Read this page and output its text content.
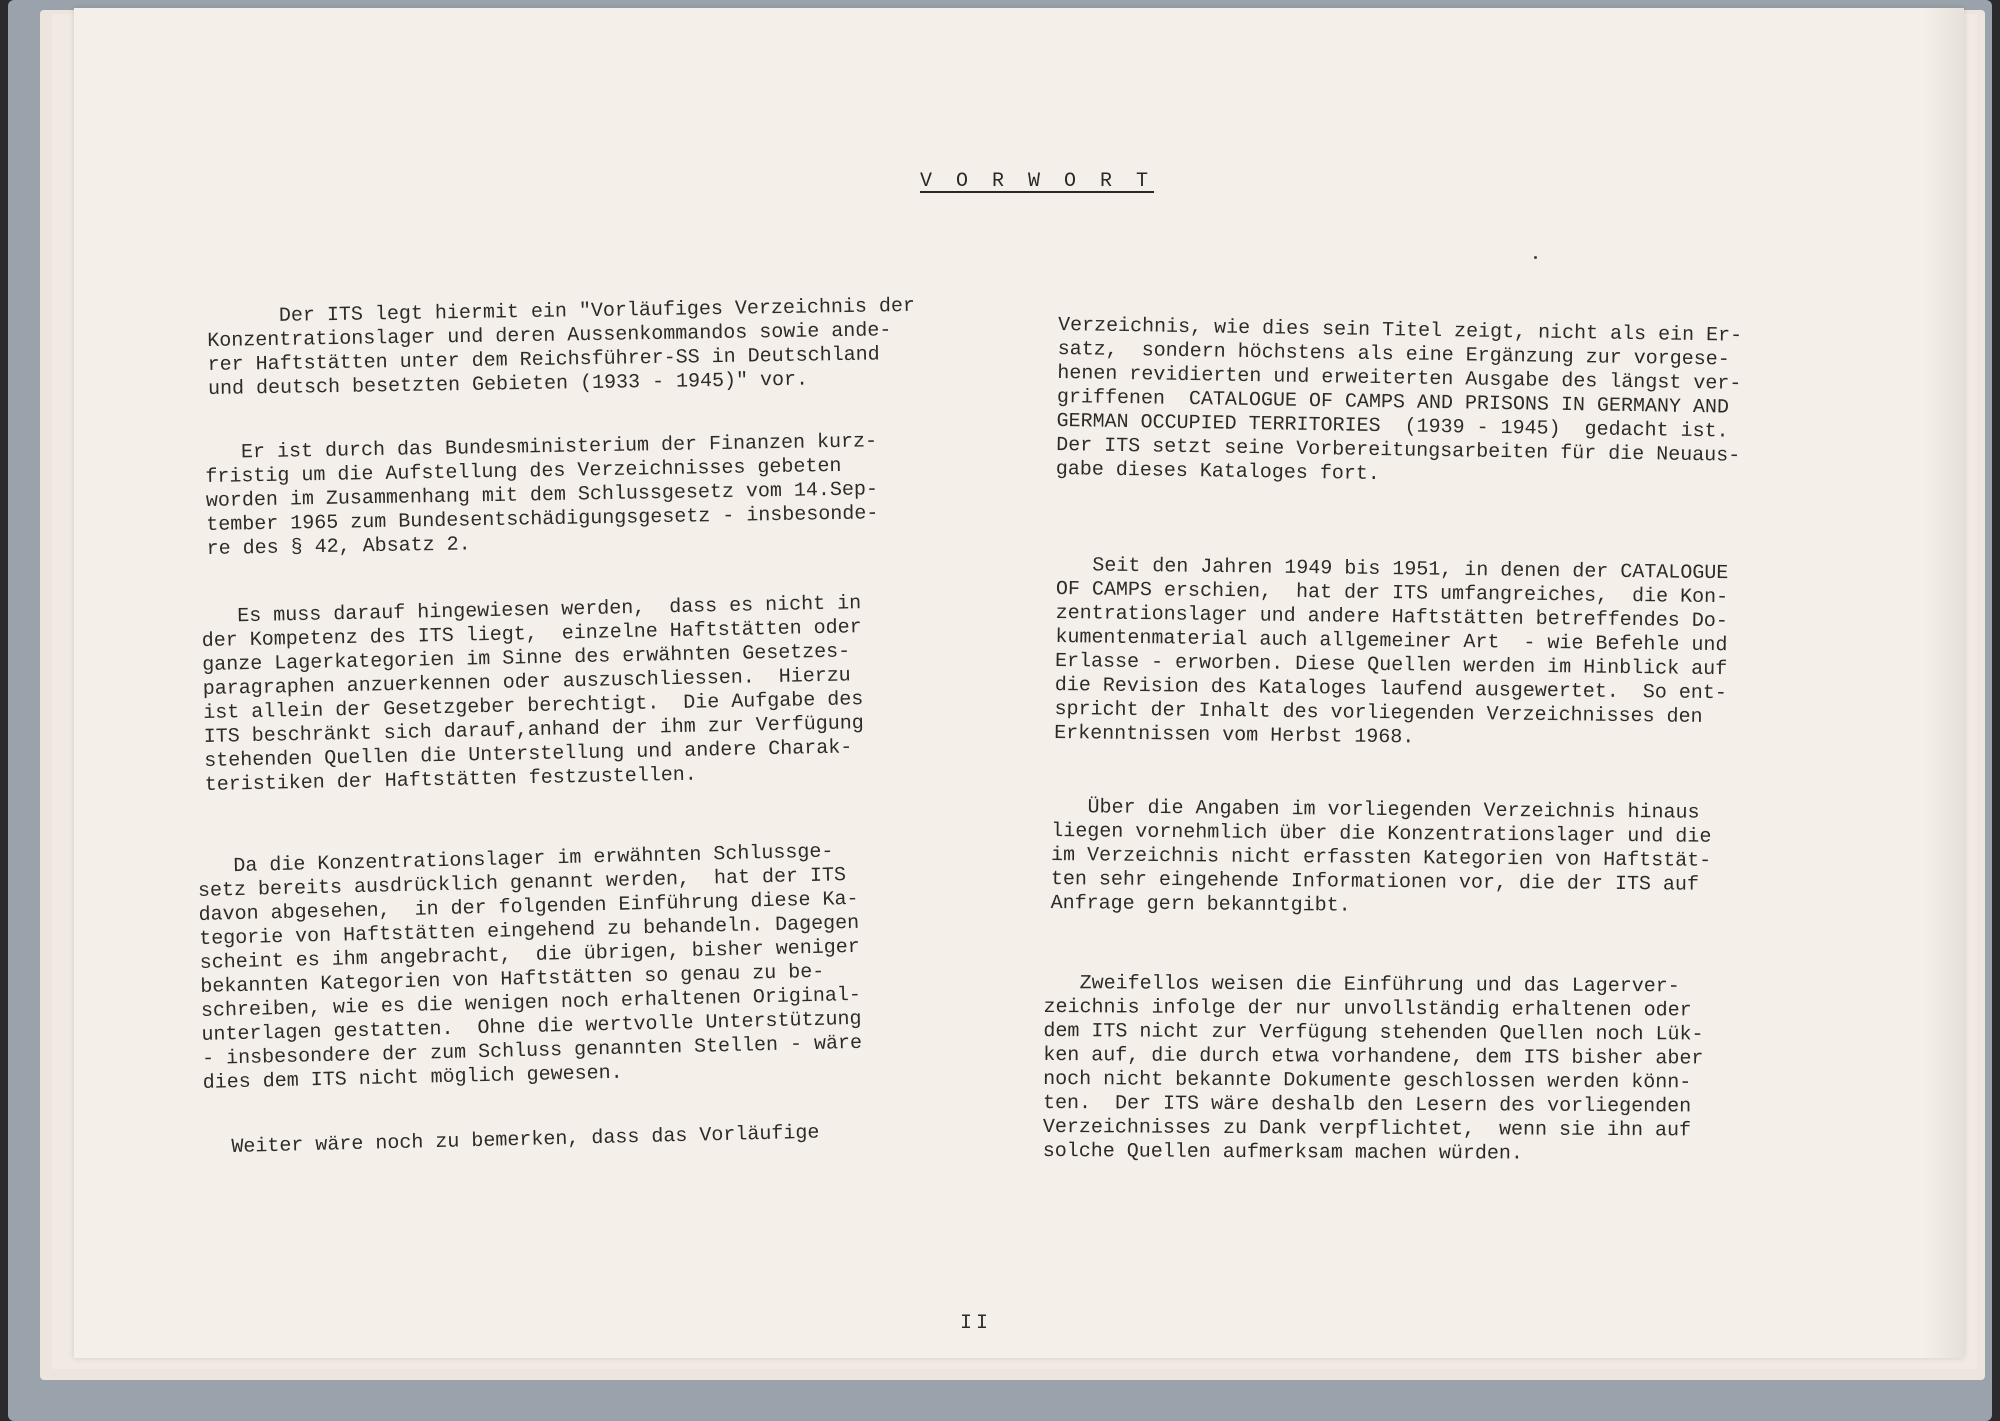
V O R W O R T

Der ITS legt hiermit ein "Vorläufiges Verzeichnis der
Konzentrationslager und deren Aussenkommandos sowie ande-
rer Haftstätten unter dem Reichsführer-SS in Deutschland
und deutsch besetzten Gebieten (1933 - 1945)" vor.

Er ist durch das Bundesministerium der Finanzen kurz-
fristig um die Aufstellung des Verzeichnisses gebeten
worden im Zusammenhang mit dem Schlussgesetz vom 14.Sep-
tember 1965 zum Bundesentschädigungsgesetz - insbesonde-
re des § 42, Absatz 2.

Es muss darauf hingewiesen werden,  dass es nicht in
der Kompetenz des ITS liegt,  einzelne Haftstätten oder
ganze Lagerkategorien im Sinne des erwähnten Gesetzes-
paragraphen anzuerkennen oder auszuschliessen.  Hierzu
ist allein der Gesetzgeber berechtigt.  Die Aufgabe des
ITS beschränkt sich darauf,anhand der ihm zur Verfügung
stehenden Quellen die Unterstellung und andere Charak-
teristiken der Haftstätten festzustellen.

Da die Konzentrationslager im erwähnten Schlussge-
setz bereits ausdrücklich genannt werden,  hat der ITS
davon abgesehen,  in der folgenden Einführung diese Ka-
tegorie von Haftstätten eingehend zu behandeln. Dagegen
scheint es ihm angebracht,  die übrigen, bisher weniger
bekannten Kategorien von Haftstätten so genau zu be-
schreiben, wie es die wenigen noch erhaltenen Original-
unterlagen gestatten.  Ohne die wertvolle Unterstützung
- insbesondere der zum Schluss genannten Stellen - wäre
dies dem ITS nicht möglich gewesen.

Weiter wäre noch zu bemerken, dass das Vorläufige

Verzeichnis, wie dies sein Titel zeigt, nicht als ein Er-
satz,  sondern höchstens als eine Ergänzung zur vorgese-
henen revidierten und erweiterten Ausgabe des längst ver-
griffenen  CATALOGUE OF CAMPS AND PRISONS IN GERMANY AND
GERMAN OCCUPIED TERRITORIES  (1939 - 1945)  gedacht ist.
Der ITS setzt seine Vorbereitungsarbeiten für die Neuaus-
gabe dieses Kataloges fort.

Seit den Jahren 1949 bis 1951, in denen der CATALOGUE
OF CAMPS erschien,  hat der ITS umfangreiches,  die Kon-
zentrationslager und andere Haftstätten betreffendes Do-
kumentenmaterial auch allgemeiner Art  - wie Befehle und
Erlasse - erworben. Diese Quellen werden im Hinblick auf
die Revision des Kataloges laufend ausgewertet.  So ent-
spricht der Inhalt des vorliegenden Verzeichnisses den
Erkenntnissen vom Herbst 1968.

Über die Angaben im vorliegenden Verzeichnis hinaus
liegen vornehmlich über die Konzentrationslager und die
im Verzeichnis nicht erfassten Kategorien von Haftstät-
ten sehr eingehende Informationen vor, die der ITS auf
Anfrage gern bekanntgibt.

Zweifellos weisen die Einführung und das Lagerver-
zeichnis infolge der nur unvollständig erhaltenen oder
dem ITS nicht zur Verfügung stehenden Quellen noch Lük-
ken auf, die durch etwa vorhandene, dem ITS bisher aber
noch nicht bekannte Dokumente geschlossen werden könn-
ten.  Der ITS wäre deshalb den Lesern des vorliegenden
Verzeichnisses zu Dank verpflichtet,  wenn sie ihn auf
solche Quellen aufmerksam machen würden.

II
